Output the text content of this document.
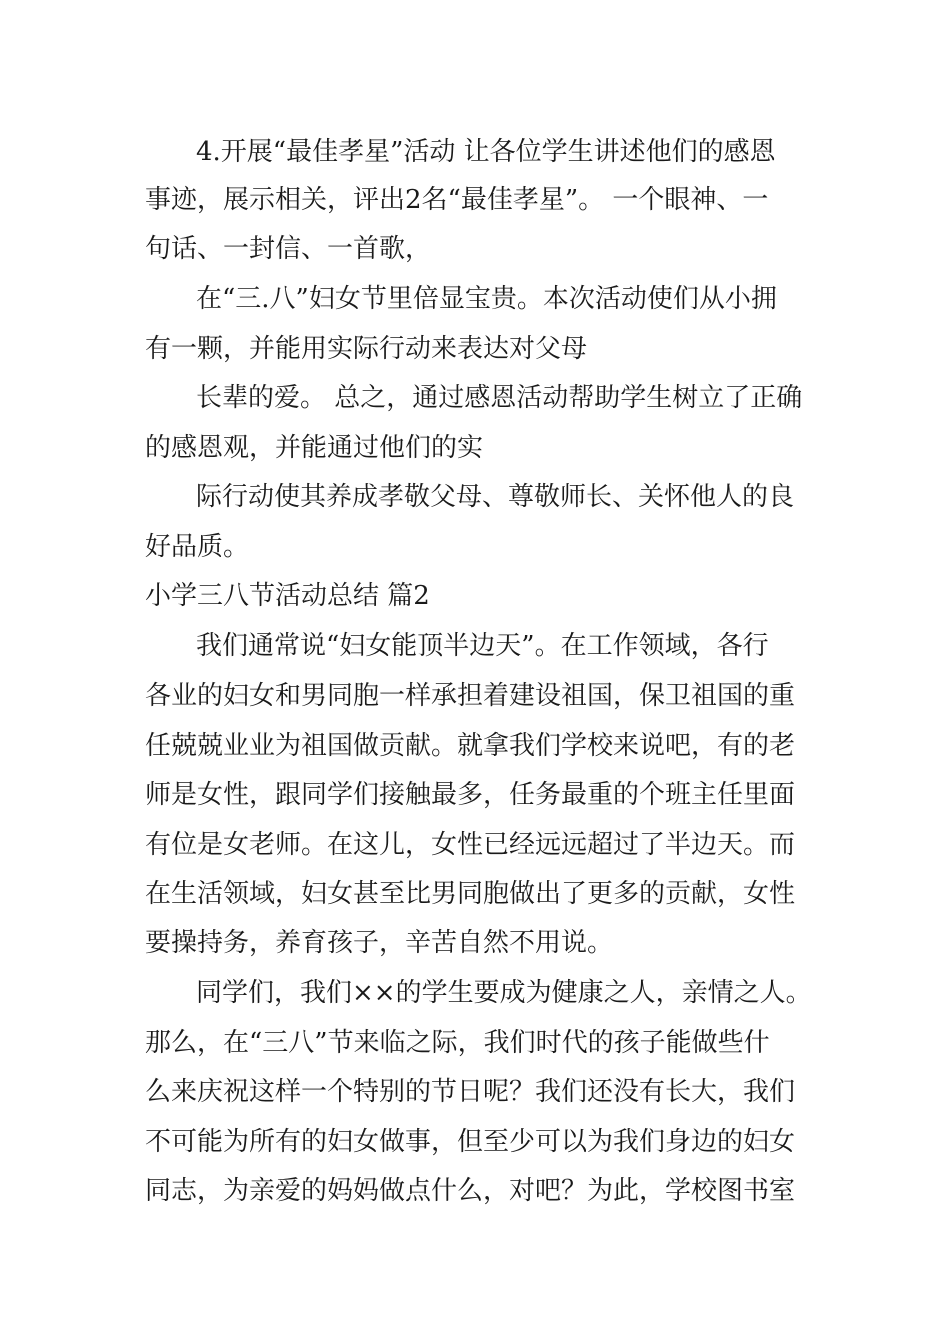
4.开展“最佳孝星”活动 让各位学生讲述他们的感恩
事迹，展示相关，评出2名“最佳孝星”。 一个眼神、一
句话、一封信、一首歌，
在“三.八”妇女节里倍显宝贵。本次活动使们从小拥
有一颗，并能用实际行动来表达对父母
长辈的爱。 总之，通过感恩活动帮助学生树立了正确
的感恩观，并能通过他们的实
际行动使其养成孝敬父母、尊敬师长、关怀他人的良
好品质。
小学三八节活动总结 篇2
我们通常说“妇女能顶半边天”。在工作领域，各行
各业的妇女和男同胞一样承担着建设祖国，保卫祖国的重
任兢兢业业为祖国做贡献。就拿我们学校来说吧，有的老
师是女性，跟同学们接触最多，任务最重的个班主任里面
有位是女老师。在这儿，女性已经远远超过了半边天。而
在生活领域，妇女甚至比男同胞做出了更多的贡献，女性
要操持务，养育孩子，辛苦自然不用说。
同学们，我们××的学生要成为健康之人，亲情之人。
那么，在“三八”节来临之际，我们时代的孩子能做些什
么来庆祝这样一个特别的节日呢？我们还没有长大，我们
不可能为所有的妇女做事，但至少可以为我们身边的妇女
同志，为亲爱的妈妈做点什么，对吧？为此，学校图书室
